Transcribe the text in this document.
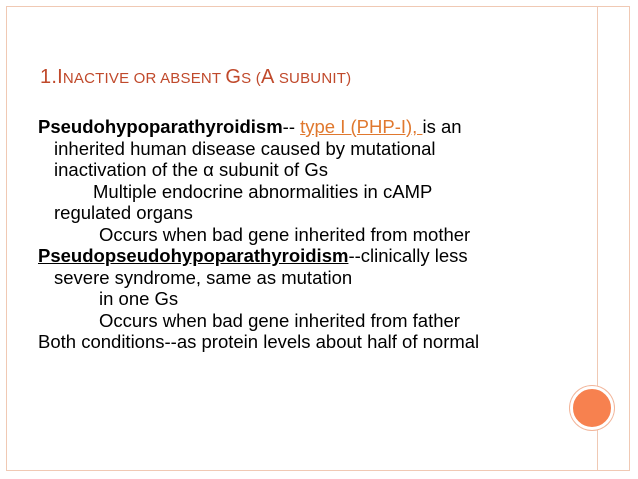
1.INACTIVE OR ABSENT GS (A SUBUNIT)
Pseudohypoparathyroidism-- type I (PHP-I), is an
inherited human disease caused by mutational
inactivation of the α subunit of Gs
Multiple endocrine abnormalities in cAMP
regulated organs
Occurs when bad gene inherited from mother
Pseudopseudohypoparathyroidism--clinically less
severe syndrome, same as mutation
in one Gs
Occurs when bad gene inherited from father
Both conditions--as protein levels about half of normal
